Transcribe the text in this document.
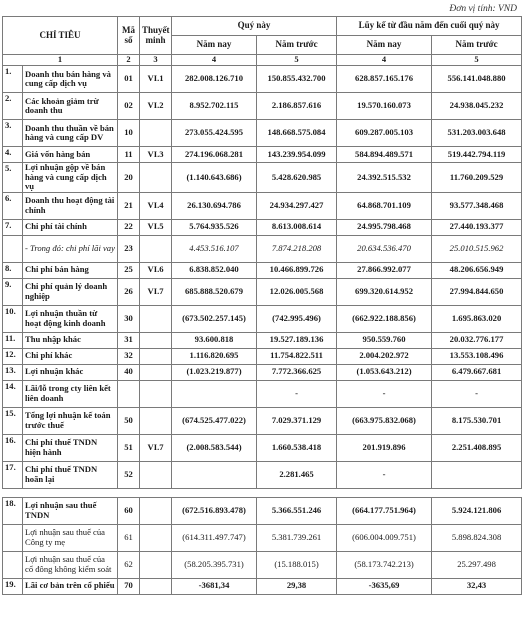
Đơn vị tính: VND
CHỈ TIÊU		Mã số	Thuyết minh	Quý này		Lũy kế từ đầu năm đến cuối quý này	
				Năm nay	Năm trước	Năm nay	Năm trước
1		2	3	4	5	4	5
1.	Doanh thu bán hàng và cung cấp dịch vụ	01	VI.1	282.008.126.710	150.855.432.700	628.857.165.176	556.141.048.880
2.	Các khoản giảm trừ doanh thu	02	VI.2	8.952.702.115	2.186.857.616	19.570.160.073	24.938.045.232
3.	Doanh thu thuần về bán hàng và cung cấp DV	10		273.055.424.595	148.668.575.084	609.287.005.103	531.203.003.648
4.	Giá vốn hàng bán	11	VI.3	274.196.068.281	143.239.954.099	584.894.489.571	519.442.794.119
5.	Lợi nhuận gộp về bán hàng và cung cấp dịch vụ	20		(1.140.643.686)	5.428.620.985	24.392.515.532	11.760.209.529
6.	Doanh thu hoạt động tài chính	21	VI.4	26.130.694.786	24.934.297.427	64.868.701.109	93.577.348.468
7.	Chi phí tài chính	22	VI.5	5.764.935.526	8.613.008.614	24.995.798.468	27.440.193.377
	- Trong đó: chi phí lãi vay	23		4.453.516.107	7.874.218.208	20.634.536.470	25.010.515.962
8.	Chi phí bán hàng	25	VI.6	6.838.852.040	10.466.899.726	27.866.992.077	48.206.656.949
9.	Chi phí quản lý doanh nghiệp	26	VI.7	685.888.520.679	12.026.005.568	699.320.614.952	27.994.844.650
10.	Lợi nhuận thuần từ hoạt động kinh doanh	30		(673.502.257.145)	(742.995.496)	(662.922.188.856)	1.695.863.020
11.	Thu nhập khác	31		93.600.818	19.527.189.136	950.559.760	20.032.776.177
12.	Chi phí khác	32		1.116.820.695	11.754.822.511	2.004.202.972	13.553.108.496
13.	Lợi nhuận khác	40		(1.023.219.877)	7.772.366.625	(1.053.643.212)	6.479.667.681
14.	Lãi/lỗ trong cty liên kết liên doanh				-	-	-
15.	Tổng lợi nhuận kế toán trước thuế	50		(674.525.477.022)	7.029.371.129	(663.975.832.068)	8.175.530.701
16.	Chi phí thuế TNDN hiện hành	51	VI.7	(2.008.583.544)	1.660.538.418	201.919.896	2.251.408.895
17.	Chi phí thuế TNDN hoãn lại	52			2.281.465	-	

18.	Lợi nhuận sau thuế TNDN	60		(672.516.893.478)	5.366.551.246	(664.177.751.964)	5.924.121.806
	Lợi nhuận sau thuế của Công ty mẹ	61		(614.311.497.747)	5.381.739.261	(606.004.009.751)	5.898.824.308
	Lợi nhuận sau thuế của cổ đông không kiểm soát	62		(58.205.395.731)	(15.188.015)	(58.173.742.213)	25.297.498
19.	Lãi cơ bản trên cổ phiếu	70		-3681,34	29,38	-3635,69	32,43
